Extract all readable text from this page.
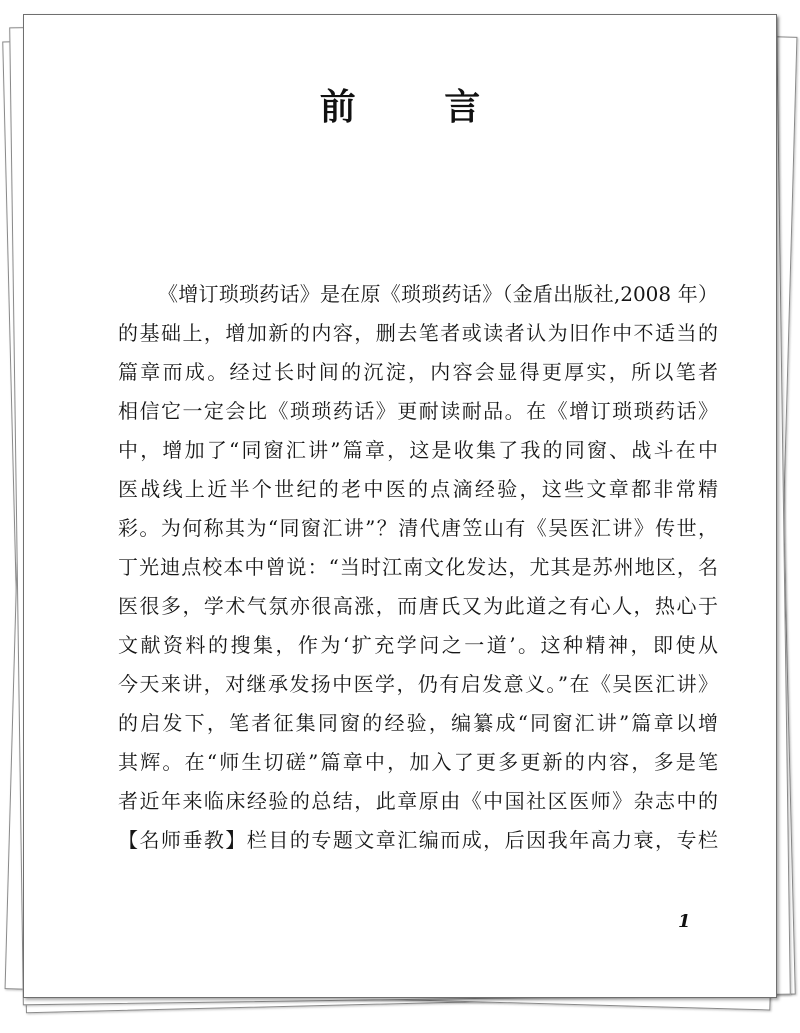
前 言
《增订琐琐药话》是在原《琐琐药话》（金盾出版社,2008 年）
的基础上，增加新的内容，删去笔者或读者认为旧作中不适当的
篇章而成。经过长时间的沉淀，内容会显得更厚实，所以笔者
相信它一定会比《琐琐药话》更耐读耐品。在《增订琐琐药话》
中，增加了“同窗汇讲”篇章，这是收集了我的同窗、战斗在中
医战线上近半个世纪的老中医的点滴经验，这些文章都非常精
彩。为何称其为“同窗汇讲”？清代唐笠山有《吴医汇讲》传世，
丁光迪点校本中曾说：“当时江南文化发达，尤其是苏州地区，名
医很多，学术气氛亦很高涨，而唐氏又为此道之有心人，热心于
文献资料的搜集，作为‘扩充学问之一道’。这种精神，即使从
今天来讲，对继承发扬中医学，仍有启发意义。”在《吴医汇讲》
的启发下，笔者征集同窗的经验，编纂成“同窗汇讲”篇章以增
其辉。在“师生切磋”篇章中，加入了更多更新的内容，多是笔
者近年来临床经验的总结，此章原由《中国社区医师》杂志中的
【名师垂教】栏目的专题文章汇编而成，后因我年高力衰，专栏
1
